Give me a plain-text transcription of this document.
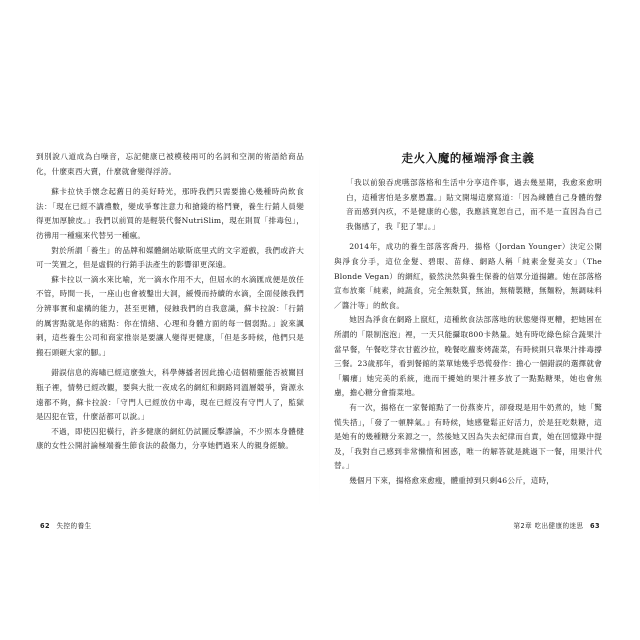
到別說八道成為白噪音，忘記健康已被模稜兩可的名詞和空洞的術語給商品化，什麼東西大賣，什麼就會變得浮誇。

蘇卡拉快手懷念起舊日的美好時光，那時我們只需要擔心幾種時尚飲食法：「現在已經不講禮數，變成爭奪注意力和搶錢的格鬥賽，養生行銷人員變得更加厚臉皮。」我們以前買的是輕裝代餐NutriSlim，現在則買「排毒包」，彷彿用一種瘋來代替另一種瘋。

對於所謂「養生」的品牌和媒體網站歇斯底里式的文字遊戲，我們或許大可一笑置之，但是虛假的行銷手法產生的影響卻更深遠。

蘇卡拉以一滴水來比喻，光一滴水作用不大，但屆水的水滴匯成便是放任不管，時間一長，一座山也會被鑿出大洞，緩慢而持續的水滴，全面侵蝕我們分辨事實和虛構的能力，甚至更糟，侵蝕我們的自我意識，蘇卡拉說：「行銷的厲害點就是你的痛點：你在情緒、心理和身體方面的每一個弱點。」說來諷刺，這些養生公司和商家推崇是要讓人變得更健康，「但是多時候，他們只是搬石頭砸大家的腳。」

錯誤信息的海嘯已經這麼強大，科學傳播者因此擔心這個精靈能否被關回瓶子裡，情勢已經改觀，要與大批一夜成名的網紅和網路同溫層競爭，資源永遠都不夠，蘇卡拉說：「守門人已經放仿中毒，現在已經沒有守門人了，監獄是囚犯在管，什麼話都可以說。」

不過，即使囚犯橫行，許多健康的網紅仍試圖反擊謬論，不少照本身體健康的女性公開討論極端養生節食法的殺傷力，分享她們過來人的親身經驗。

走火入魔的極端淨食主義

「我以前狼吞虎嚥部落格和生活中分享這件事，過去幾星期，我愈來愈明白，這種害怕是多麼愚蠢。」貼文開場這麼寫道：「因為練體自己身體的聲音而感到內疚，不是健康的心態，我應該寬恕自己，而不是一直因為自己我傷感了，我『犯了罪』。」

2014年，成功的養生部落客喬丹．揚格（Jordan Younger）決定公開與淨食分手，這位金髮、碧眼、苗條、網路人稱「純素金髮美女」（The Blonde Vegan）的網紅，毅然決然與養生保養的信眾分道揚鑣。她在部落格宣布放棄「純素，純蔬食，完全無麩質，無油，無精製糖，無麵粉，無調味料／醬汁等」的飲食。

她因為淨食在網路上竄紅，這種飲食法部落地的狀態變得更糟，把她困在所謂的「限制泡泡」裡，一天只能攝取800卡熱量。她有時吃綠色綜合蔬果汁當早餐，午餐吃芽衣甘藍沙拉，晚餐吃蘿麥烤蔬菜，有時候則只靠果汁排毒撐三餐。23歲那年，看到餐館的菜單她幾乎恐慌發作：擔心一個錯誤的選擇就會「觸癢」她完美的系統，進而干擾她的果汁裡多放了一點點糖果，她也會焦慮，擔心糖分會揹菜地。

有一次，揚格在一家餐館點了一份燕麥片，卻發現是用牛奶煮的，她「驚慌失措」，「發了一頓脾氣。」有時候，她感覺鬆正好活力，於是狂吃麩糖，這是她有的幾種糖分來源之一，然後她又因為失去紀律而自責，她在回憶錄中提及，「我對自己感到非常懶惰和困惑，唯一的解答就是跳過下一餐，用果汁代替。」

幾個月下來，揚格愈來愈瘦，體重掉到只剩46公斤，這時，

62 失控的養生	第2章 吃出健康的迷思 63
